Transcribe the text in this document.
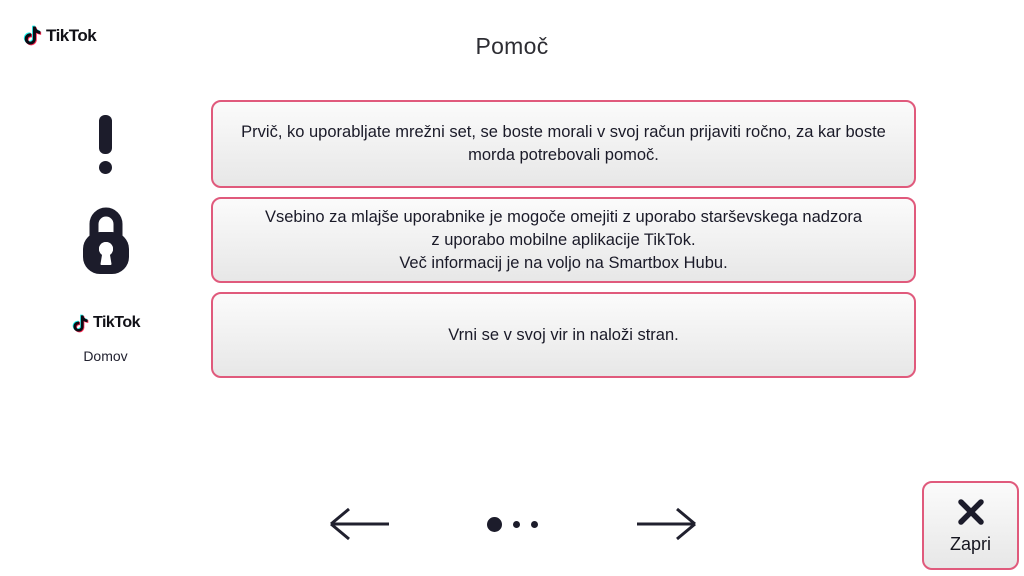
TikTok	Pomoč
Prvič, ko uporabljate mrežni set, se boste morali v svoj račun prijaviti ročno, za kar boste
morda potrebovali pomoč.
Vsebino za mlajše uporabnike je mogoče omejiti z uporabo starševskega nadzora
z uporabo mobilne aplikacije TikTok.
Več informacij je na voljo na Smartbox Hubu.
TikTok
Domov
Vrni se v svoj vir in naloži stran.
Zapri
